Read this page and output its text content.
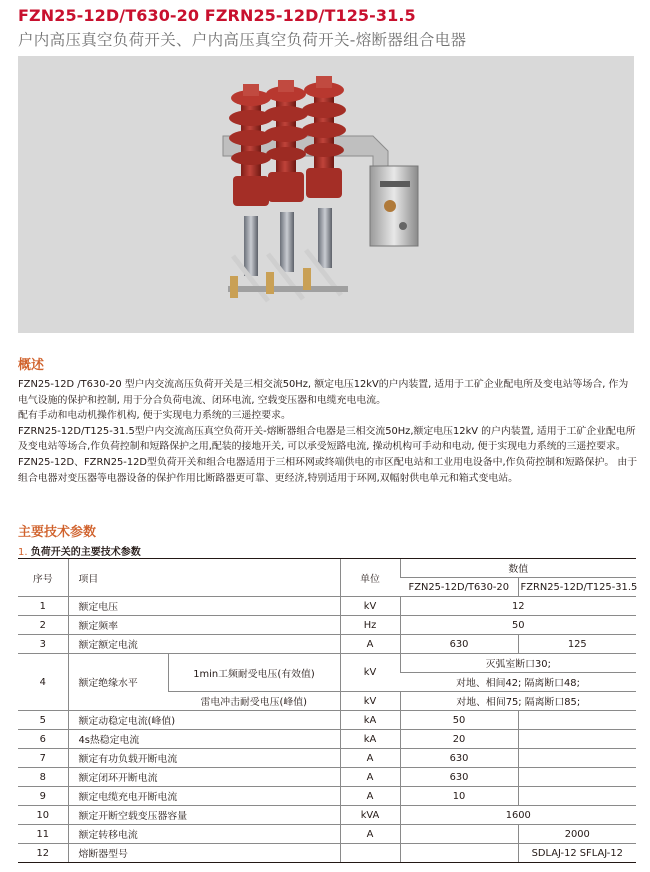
FZN25-12D/T630-20 FZRN25-12D/T125-31.5
户内高压真空负荷开关、户内高压真空负荷开关-熔断器组合电器
概述

FZN25-12D /T630-20 型户内交流高压负荷开关是三相交流50Hz, 额定电压12kV的户内装置, 适用于工矿企业配电所及变电站等场合, 作为电气设施的保护和控制, 用于分合负荷电流、闭环电流, 空载变压器和电缆充电电流。

配有手动和电动机操作机构, 便于实现电力系统的三遥控要求。

FZRN25-12D/T125-31.5型户内交流高压真空负荷开关-熔断器组合电器是三相交流50Hz,额定电压12kV 的户内装置, 适用于工矿企业配电所及变电站等场合,作负荷控制和短路保护之用,配装的接地开关, 可以承受短路电流, 操动机构可手动和电动, 便于实现电力系统的三遥控要求。

FZN25-12D、FZRN25-12D型负荷开关和组合电器适用于三相环网或终端供电的市区配电站和工业用电设备中,作负荷控制和短路保护。 由于组合电器对变压器等电器设备的保护作用比断路器更可靠、更经济,特别适用于环网,双幅射供电单元和箱式变电站。

主要技术参数
1. 负荷开关的主要技术参数
序号	项目		单位	数值	
				FZN25-12D/T630-20	FZRN25-12D/T125-31.5
1	额定电压		kV	12	
2	额定频率		Hz	50	
3	额定额定电流		A	630	125
4	额定绝缘水平	1min工频耐受电压(有效值)	kV	灭弧室断口30;	
				对地、相间42; 隔离断口48;	
		雷电冲击耐受电压(峰值)	kV	对地、相间75; 隔离断口85;	
5	额定动稳定电流(峰值)		kA	50	
6	4s热稳定电流		kA	20	
7	额定有功负载开断电流		A	630	
8	额定闭环开断电流		A	630	
9	额定电缆充电开断电流		A	10	
10	额定开断空载变压器容量		kVA	1600	
11	额定转移电流		A		2000
12	熔断器型号				SDLAJ-12 SFLAJ-12
